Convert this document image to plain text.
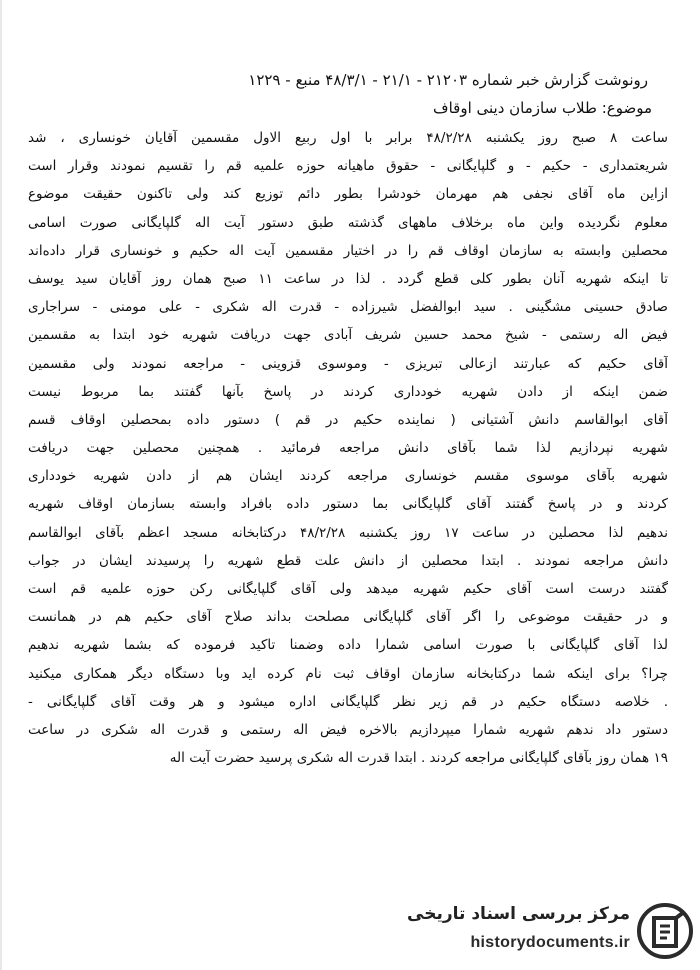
رونوشت گزارش خبر شماره ۲۱۲۰۳ - ۲۱/۱ - ۴۸/۳/۱ منبع - ۱۲۲۹
موضوع: طلاب سازمان دینی اوقاف
ساعت ۸ صبح روز یکشنبه ۴۸/۲/۲۸ برابر با اول ربیع الاول مقسمین آقایان خونساری ، شد
شریعتمداری - حکیم - و گلپایگانی - حقوق ماهیانه حوزه علمیه قم را تقسیم نمودند وقرار است
ازاین ماه آقای نجفی هم مهرمان خودشرا بطور دائم توزیع کند ولی تاکنون حقیقت موضوع
معلوم نگردیده واین ماه برخلاف ماههای گذشته طبق دستور آیت اله گلپایگانی صورت اسامی
محصلین وابسته به سازمان اوقاف قم را در اختیار مقسمین آیت اله حکیم و خونساری قرار داده‌اند
تا اینکه شهریه آنان بطور کلی قطع گردد . لذا در ساعت ۱۱ صبح همان روز آقایان سید یوسف
صادق حسینی مشگینی . سید ابوالفضل شیرزاده - قدرت اله شکری - علی مومنی - سراجاری
فیض اله رستمی - شیخ محمد حسین شریف آبادی جهت دریافت شهریه خود ابتدا به مقسمین
آقای حکیم که عبارتند ازعالی تبریزی - وموسوی قزوینی - مراجعه نمودند ولی مقسمین
ضمن اینکه از دادن شهریه خودداری کردند در پاسخ بآنها گفتند بما مربوط نیست
آقای ابوالقاسم دانش آشتیانی ( نماینده حکیم در قم ) دستور داده بمحصلین اوقاف قسم
شهریه نپردازیم لذا شما بآقای دانش مراجعه فرمائید . همچنین محصلین جهت دریافت
شهریه بآقای موسوی مقسم خونساری مراجعه کردند ایشان هم از دادن شهریه خودداری
کردند و در پاسخ گفتند آقای گلپایگانی بما دستور داده بافراد وابسته بسازمان اوقاف شهریه
ندهیم لذا محصلین در ساعت ۱۷ روز یکشنبه ۴۸/۲/۲۸ درکتابخانه مسجد اعظم بآقای ابوالقاسم
دانش مراجعه نمودند . ابتدا محصلین از دانش علت قطع شهریه را پرسیدند ایشان در جواب
گفتند درست است آقای حکیم شهریه میدهد ولی آقای گلپایگانی رکن حوزه علمیه قم است
و در حقیقت موضوعی را اگر آقای گلپایگانی مصلحت بداند صلاح آقای حکیم هم در همانست
لذا آقای گلپایگانی با صورت اسامی شمارا داده وضمنا تاکید فرموده که بشما شهریه ندهیم
چرا؟ برای اینکه شما درکتابخانه سازمان اوقاف ثبت نام کرده اید وبا دستگاه دیگر همکاری میکنید
. خلاصه دستگاه حکیم در قم زیر نظر گلپایگانی اداره میشود و هر وقت آقای گلپایگانی -
دستور داد ندهم شهریه شمارا میپردازیم بالاخره فیض اله رستمی و قدرت اله شکری در ساعت
۱۹ همان روز بآقای گلپایگانی مراجعه کردند . ابتدا قدرت اله شکری پرسید حضرت آیت اله
مرکز بررسی اسناد تاریخی
historydocuments.ir
